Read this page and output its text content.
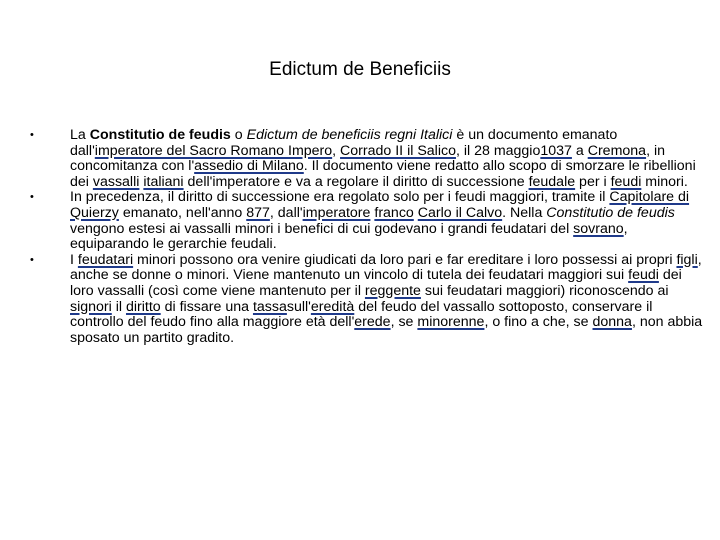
Edictum de Beneficiis
•	La Constitutio de feudis o Edictum de beneficiis regni Italici è un documento emanato dall'imperatore del Sacro Romano Impero, Corrado II il Salico, il 28 maggio1037 a Cremona, in concomitanza con l'assedio di Milano. Il documento viene redatto allo scopo di smorzare le ribellioni dei vassalli italiani dell'imperatore e va a regolare il diritto di successione feudale per i feudi minori.
•	In precedenza, il diritto di successione era regolato solo per i feudi maggiori, tramite il Capitolare di Quierzy emanato, nell'anno 877, dall'imperatore franco Carlo il Calvo. Nella Constitutio de feudis vengono estesi ai vassalli minori i benefici di cui godevano i grandi feudatari del sovrano, equiparando le gerarchie feudali.
•	I feudatari minori possono ora venire giudicati da loro pari e far ereditare i loro possessi ai propri figli, anche se donne o minori. Viene mantenuto un vincolo di tutela dei feudatari maggiori sui feudi dei loro vassalli (così come viene mantenuto per il reggente sui feudatari maggiori) riconoscendo ai signori il diritto di fissare una tassasull'eredità del feudo del vassallo sottoposto, conservare il controllo del feudo fino alla maggiore età dell'erede, se minorenne, o fino a che, se donna, non abbia sposato un partito gradito.
